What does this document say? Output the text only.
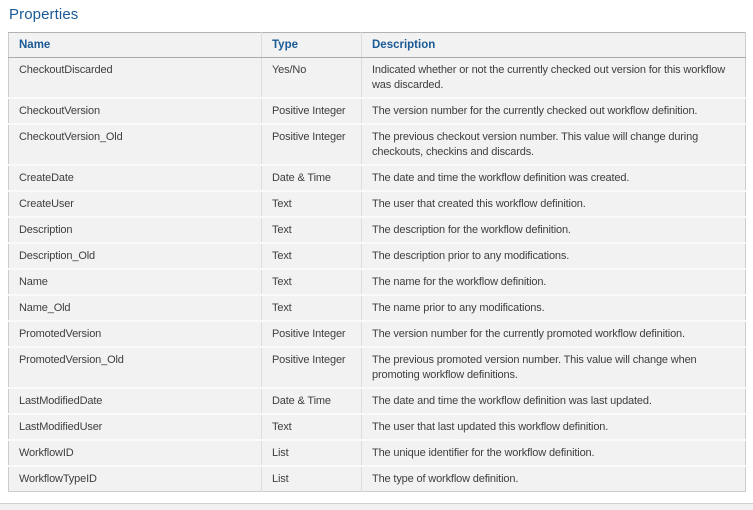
Properties
Name	Type	Description
CheckoutDiscarded	Yes/No	Indicated whether or not the currently checked out version for this workflow was discarded.
CheckoutVersion	Positive Integer	The version number for the currently checked out workflow definition.
CheckoutVersion_Old	Positive Integer	The previous checkout version number. This value will change during checkouts, checkins and discards.
CreateDate	Date & Time	The date and time the workflow definition was created.
CreateUser	Text	The user that created this workflow definition.
Description	Text	The description for the workflow definition.
Description_Old	Text	The description prior to any modifications.
Name	Text	The name for the workflow definition.
Name_Old	Text	The name prior to any modifications.
PromotedVersion	Positive Integer	The version number for the currently promoted workflow definition.
PromotedVersion_Old	Positive Integer	The previous promoted version number. This value will change when promoting workflow definitions.
LastModifiedDate	Date & Time	The date and time the workflow definition was last updated.
LastModifiedUser	Text	The user that last updated this workflow definition.
WorkflowID	List	The unique identifier for the workflow definition.
WorkflowTypeID	List	The type of workflow definition.
